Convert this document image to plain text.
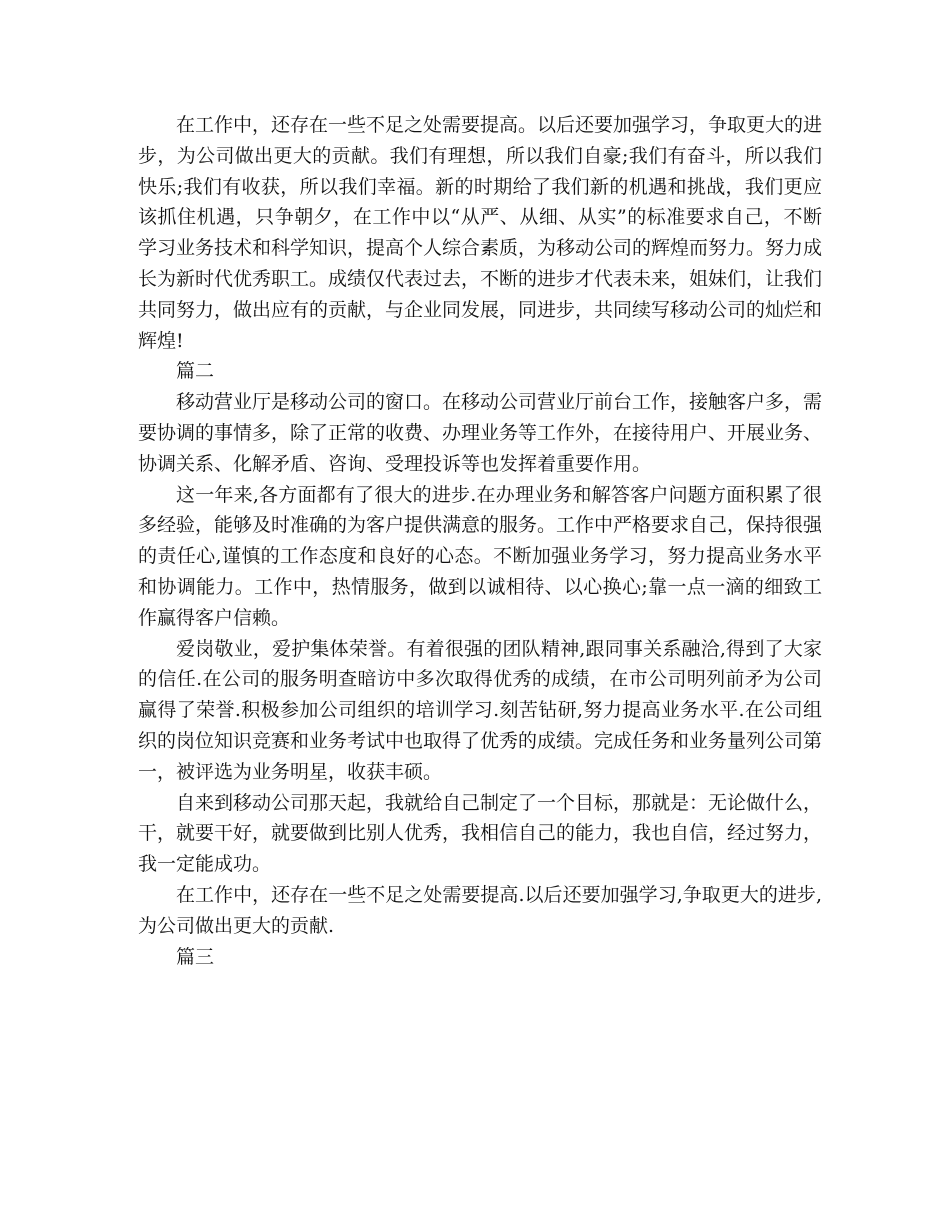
在工作中，还存在一些不足之处需要提高。以后还要加强学习，争取更大的进步，为公司做出更大的贡献。我们有理想，所以我们自豪;我们有奋斗，所以我们快乐;我们有收获，所以我们幸福。新的时期给了我们新的机遇和挑战，我们更应该抓住机遇，只争朝夕，在工作中以“从严、从细、从实”的标准要求自己，不断学习业务技术和科学知识，提高个人综合素质，为移动公司的辉煌而努力。努力成长为新时代优秀职工。成绩仅代表过去，不断的进步才代表未来，姐妹们，让我们共同努力，做出应有的贡献，与企业同发展，同进步，共同续写移动公司的灿烂和辉煌!

篇二

移动营业厅是移动公司的窗口。在移动公司营业厅前台工作，接触客户多，需要协调的事情多，除了正常的收费、办理业务等工作外，在接待用户、开展业务、协调关系、化解矛盾、咨询、受理投诉等也发挥着重要作用。

这一年来,各方面都有了很大的进步.在办理业务和解答客户问题方面积累了很多经验，能够及时准确的为客户提供满意的服务。工作中严格要求自己，保持很强的责任心,谨慎的工作态度和良好的心态。不断加强业务学习，努力提高业务水平和协调能力。工作中，热情服务，做到以诚相待、以心换心;靠一点一滴的细致工作赢得客户信赖。

爱岗敬业，爱护集体荣誉。有着很强的团队精神,跟同事关系融洽,得到了大家的信任.在公司的服务明查暗访中多次取得优秀的成绩，在市公司明列前矛为公司赢得了荣誉.积极参加公司组织的培训学习.刻苦钻研,努力提高业务水平.在公司组织的岗位知识竞赛和业务考试中也取得了优秀的成绩。完成任务和业务量列公司第一，被评选为业务明星，收获丰硕。

自来到移动公司那天起，我就给自己制定了一个目标，那就是：无论做什么，干，就要干好，就要做到比别人优秀，我相信自己的能力，我也自信，经过努力，我一定能成功。

在工作中，还存在一些不足之处需要提高.以后还要加强学习,争取更大的进步,为公司做出更大的贡献.

篇三
